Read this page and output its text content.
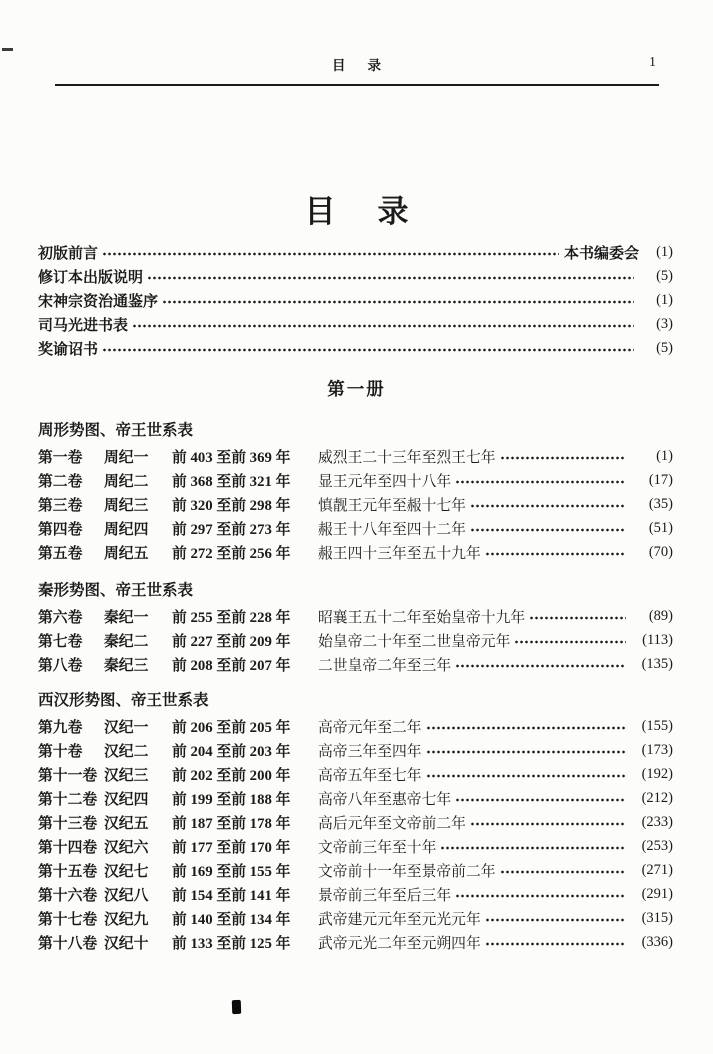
目 录	1
目 录
初版前言	本书编委会	(1)
修订本出版说明	(5)
宋神宗资治通鉴序	(1)
司马光进书表	(3)
奖谕诏书	(5)
第一册
周形势图、帝王世系表
第一卷	周纪一	前 403 至前 369 年	威烈王二十三年至烈王七年	(1)
第二卷	周纪二	前 368 至前 321 年	显王元年至四十八年	(17)
第三卷	周纪三	前 320 至前 298 年	慎靓王元年至赧十七年	(35)
第四卷	周纪四	前 297 至前 273 年	赧王十八年至四十二年	(51)
第五卷	周纪五	前 272 至前 256 年	赧王四十三年至五十九年	(70)
秦形势图、帝王世系表
第六卷	秦纪一	前 255 至前 228 年	昭襄王五十二年至始皇帝十九年	(89)
第七卷	秦纪二	前 227 至前 209 年	始皇帝二十年至二世皇帝元年	(113)
第八卷	秦纪三	前 208 至前 207 年	二世皇帝二年至三年	(135)
西汉形势图、帝王世系表
第九卷	汉纪一	前 206 至前 205 年	高帝元年至二年	(155)
第十卷	汉纪二	前 204 至前 203 年	高帝三年至四年	(173)
第十一卷 汉纪三	前 202 至前 200 年	高帝五年至七年	(192)
第十二卷 汉纪四	前 199 至前 188 年	高帝八年至惠帝七年	(212)
第十三卷 汉纪五	前 187 至前 178 年	高后元年至文帝前二年	(233)
第十四卷 汉纪六	前 177 至前 170 年	文帝前三年至十年	(253)
第十五卷 汉纪七	前 169 至前 155 年	文帝前十一年至景帝前二年	(271)
第十六卷 汉纪八	前 154 至前 141 年	景帝前三年至后三年	(291)
第十七卷 汉纪九	前 140 至前 134 年	武帝建元元年至元光元年	(315)
第十八卷 汉纪十	前 133 至前 125 年	武帝元光二年至元朔四年	(336)
